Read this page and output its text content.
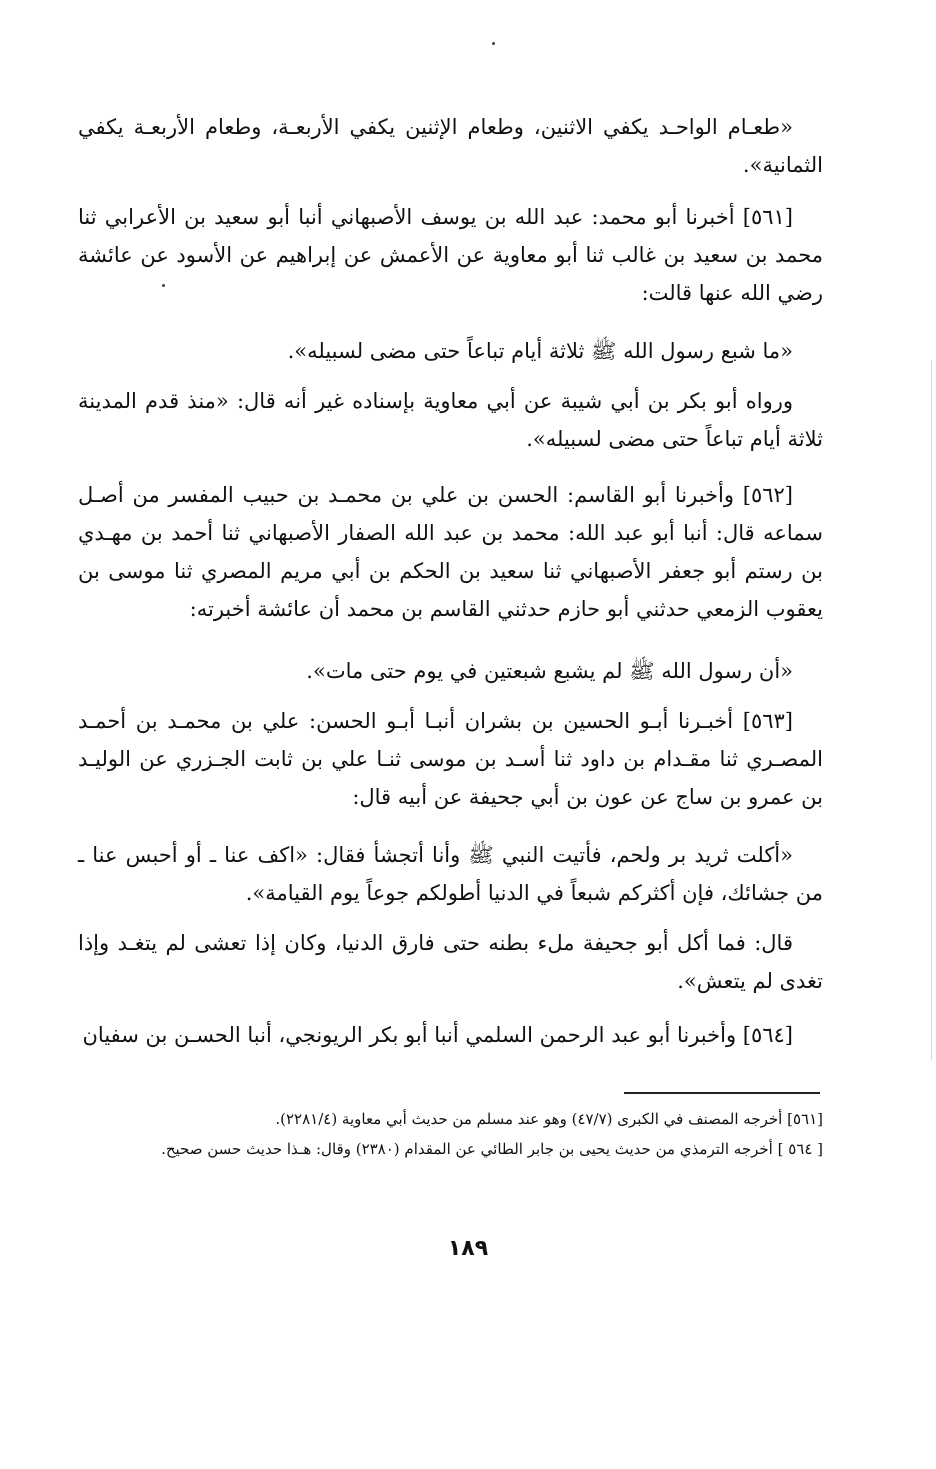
«طعـام الواحـد يكفي الاثنين، وطعام الإثنين يكفي الأربعـة، وطعام الأربعـة يكفي الثمانية».

[٥٦١] أخبرنا أبو محمد: عبد الله بن يوسف الأصبهاني أنبا أبو سعيد بن الأعرابي ثنا محمد بن سعيد بن غالب ثنا أبو معاوية عن الأعمش عن إبراهيم عن الأسود عن عائشة رضي الله عنها قالت:

«ما شبع رسول الله ﷺ ثلاثة أيام تباعاً حتى مضى لسبيله».

ورواه أبو بكر بن أبي شيبة عن أبي معاوية بإسناده غير أنه قال: «منذ قدم المدينة ثلاثة أيام تباعاً حتى مضى لسبيله».

[٥٦٢] وأخبرنا أبو القاسم: الحسن بن علي بن محمـد بن حبيب المفسر من أصـل سماعه قال: أنبا أبو عبد الله: محمد بن عبد الله الصفار الأصبهاني ثنا أحمد بن مهـدي بن رستم أبو جعفر الأصبهاني ثنا سعيد بن الحكم بن أبي مريم المصري ثنا موسى بن يعقوب الزمعي حدثني أبو حازم حدثني القاسم بن محمد أن عائشة أخبرته:

«أن رسول الله ﷺ لم يشبع شبعتين في يوم حتى مات».

[٥٦٣] أخبـرنا أبـو الحسين بن بشران أنبـا أبـو الحسن: علي بن محمـد بن أحمـد المصـري ثنا مقـدام بن داود ثنا أسـد بن موسى ثنـا علي بن ثابت الجـزري عن الوليـد بن عمرو بن ساج عن عون بن أبي جحيفة عن أبيه قال:

«أكلت ثريد بر ولحم، فأتيت النبي ﷺ وأنا أتجشأ فقال: «اكف عنا ـ أو أحبس عنا ـ من جشائك، فإن أكثركم شبعاً في الدنيا أطولكم جوعاً يوم القيامة».

قال: فما أكل أبو جحيفة ملء بطنه حتى فارق الدنيا، وكان إذا تعشى لم يتغـد وإذا تغدى لم يتعش».

[٥٦٤] وأخبرنا أبو عبد الرحمن السلمي أنبا أبو بكر الريونجي، أنبا الحسـن بن سفيان

[٥٦١] أخرجه المصنف في الكبرى (٤٧/٧) وهو عند مسلم من حديث أبي معاوية (٢٢٨١/٤).

[ ٥٦٤ ] أخرجه الترمذي من حديث يحيى بن جابر الطائي عن المقدام (٢٣٨٠) وقال: هـذا حديث حسن صحيح.

١٨٩
